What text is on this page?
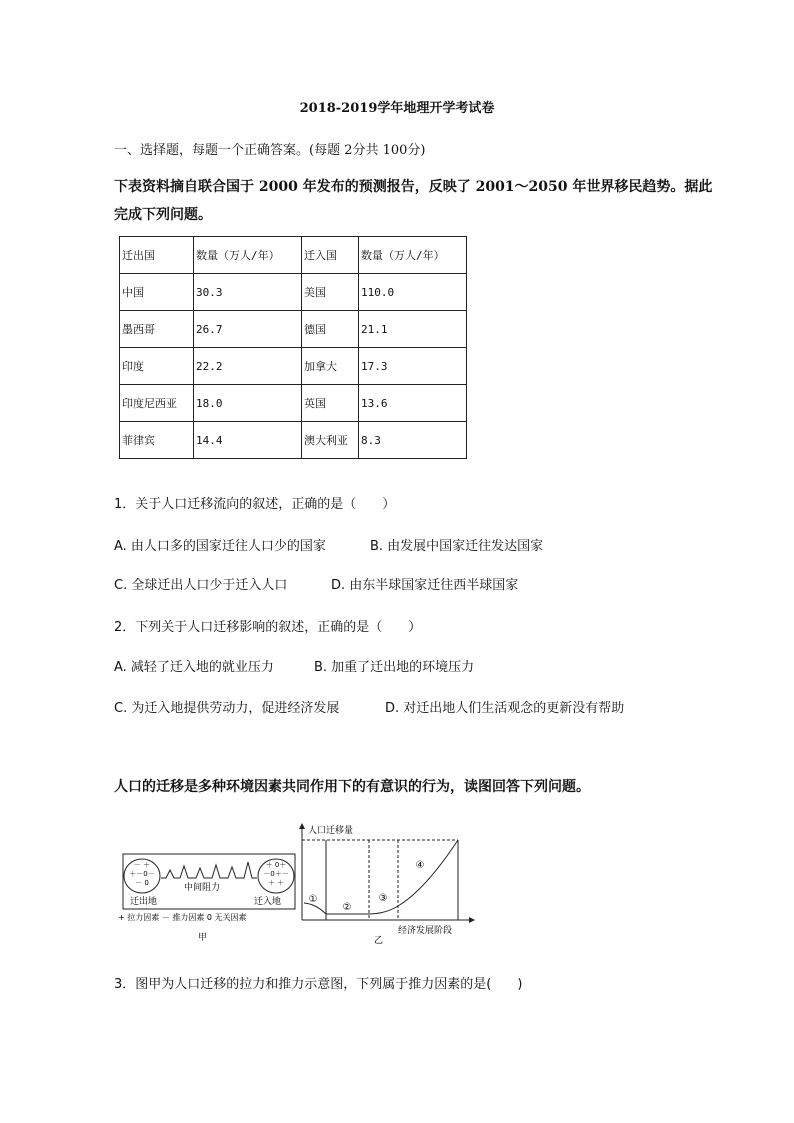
2018-2019学年地理开学考试卷
一、选择题，每题一个正确答案。(每题 2分共 100分)
下表资料摘自联合国于 2000 年发布的预测报告，反映了 2001～2050 年世界移民趋势。据此
完成下列问题。
迁出国	数量（万人/年）	迁入国	数量（万人/年）
中国	30.3	美国	110.0
墨西哥	26.7	德国	21.1
印度	22.2	加拿大	17.3
印度尼西亚	18.0	英国	13.6
菲律宾	14.4	澳大利亚	8.3
1．关于人口迁移流向的叙述，正确的是（　　）
A. 由人口多的国家迁往人口少的国家	B. 由发展中国家迁往发达国家
C. 全球迁出人口少于迁入人口	D. 由东半球国家迁往西半球国家
2．下列关于人口迁移影响的叙述，正确的是（　　）
A. 减轻了迁入地的就业压力	B. 加重了迁出地的环境压力
C. 为迁入地提供劳动力，促进经济发展	D. 对迁出地人们生活观念的更新没有帮助
人口的迁移是多种环境因素共同作用下的有意识的行为，读图回答下列问题。
－ ＋
＋－0－
－ 0
＋ 0＋
－0＋－
＋ ＋
中间阻力
迁出地	迁入地
+ 拉力因素 － 推力因素 0 无关因素
甲
人口迁移量
经济发展阶段
①
②
③
④
乙
3．图甲为人口迁移的拉力和推力示意图，下列属于推力因素的是(　　)
